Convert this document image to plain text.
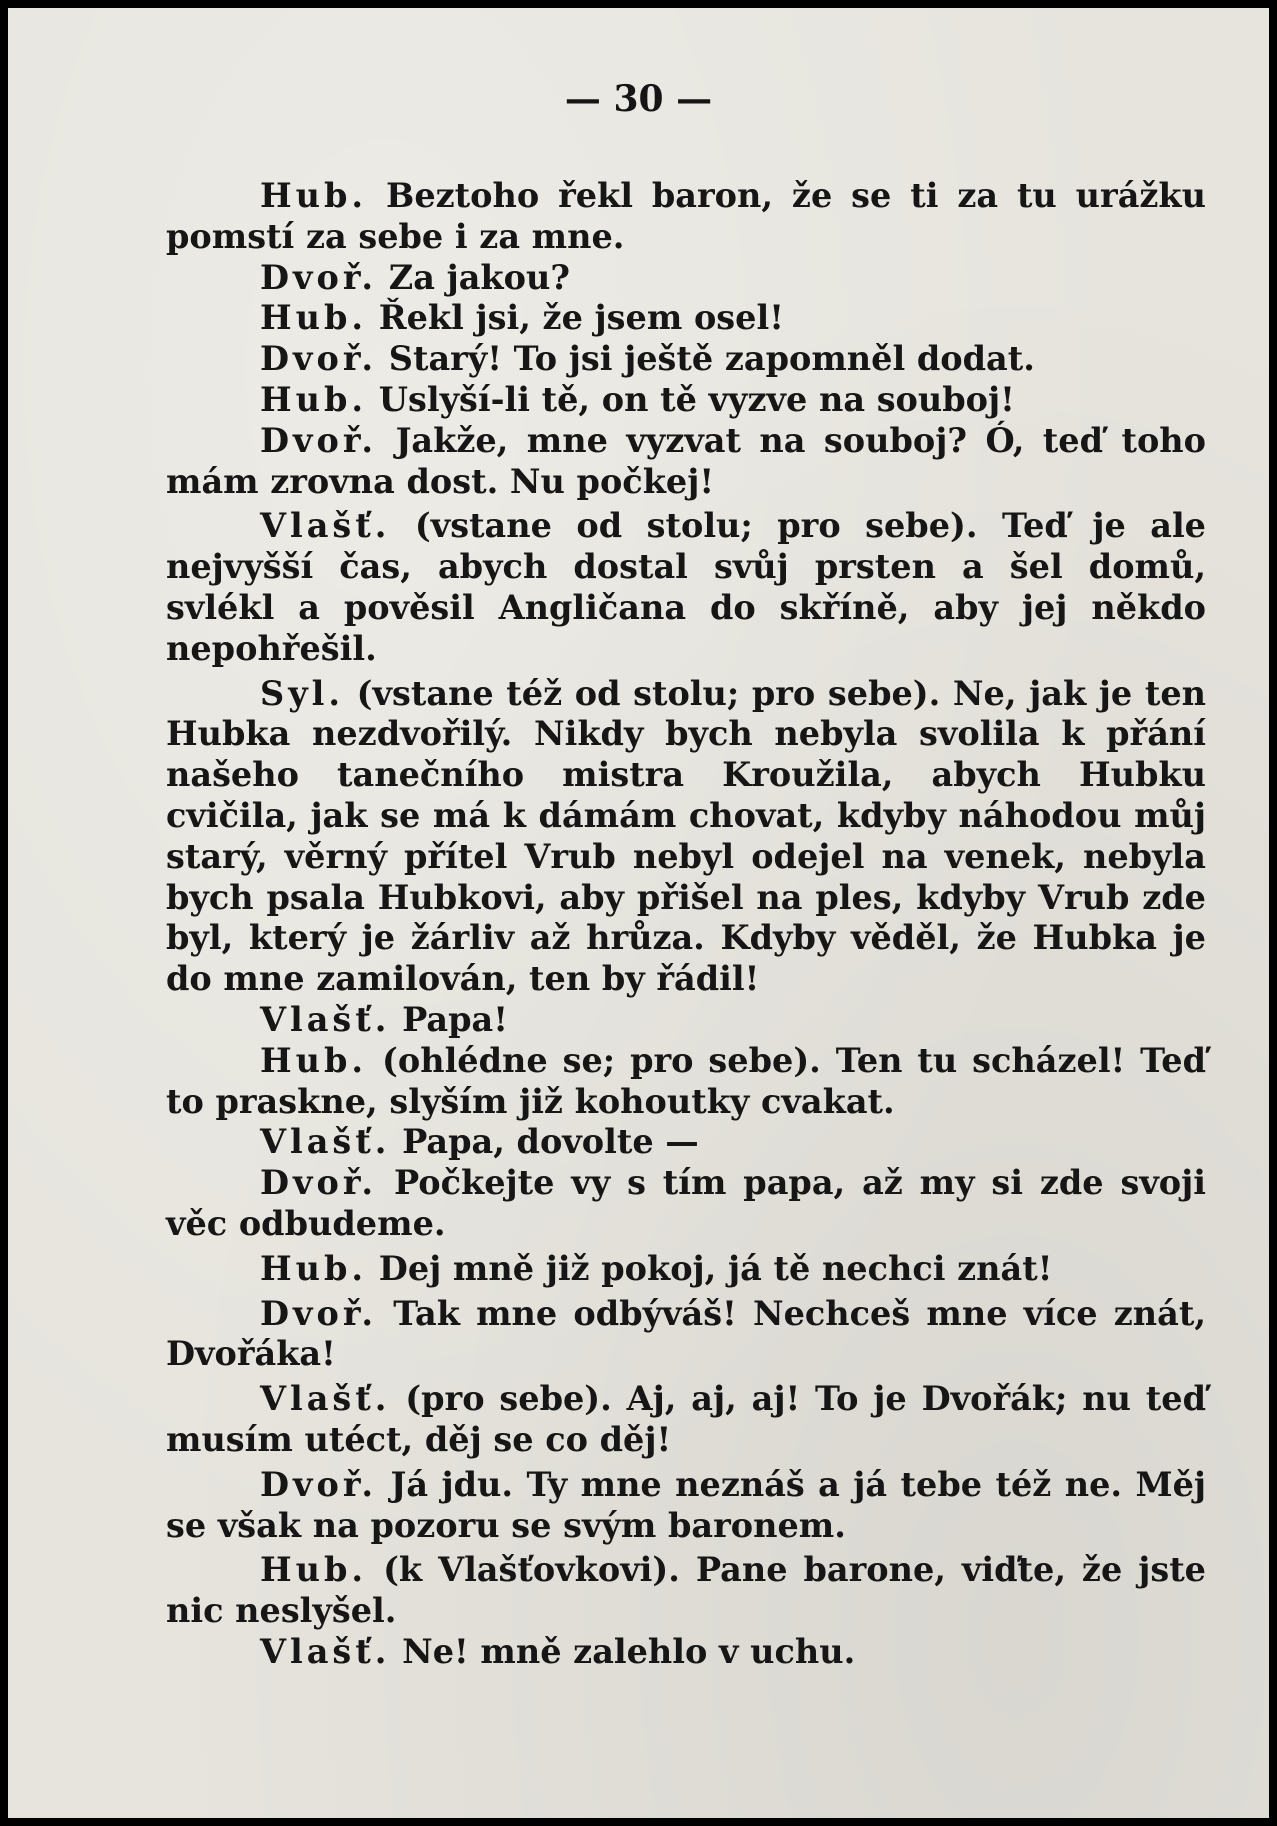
— 30 —

Hub. Beztoho řekl baron, že se ti za tu urážku pomstí za sebe i za mne.

Dvoř. Za jakou?

Hub. Řekl jsi, že jsem osel!

Dvoř. Starý! To jsi ještě zapomněl dodat.

Hub. Uslyší-li tě, on tě vyzve na souboj!

Dvoř. Jakže, mne vyzvat na souboj? Ó, teď toho mám zrovna dost. Nu počkej!

Vlašť. (vstane od stolu; pro sebe). Teď je ale nejvyšší čas, abych dostal svůj prsten a šel domů, svlékl a pověsil Angličana do skříně, aby jej někdo nepohřešil.

Syl. (vstane též od stolu; pro sebe). Ne, jak je ten Hubka nezdvořilý. Nikdy bych nebyla svolila k přání našeho tanečního mistra Kroužila, abych Hubku cvičila, jak se má k dámám chovat, kdyby náhodou můj starý, věrný přítel Vrub nebyl odejel na venek, nebyla bych psala Hubkovi, aby přišel na ples, kdyby Vrub zde byl, který je žárliv až hrůza. Kdyby věděl, že Hubka je do mne zamilován, ten by řádil!

Vlašť. Papa!

Hub. (ohlédne se; pro sebe). Ten tu scházel! Teď to praskne, slyším již kohoutky cvakat.

Vlašť. Papa, dovolte —

Dvoř. Počkejte vy s tím papa, až my si zde svoji věc odbudeme.

Hub. Dej mně již pokoj, já tě nechci znát!

Dvoř. Tak mne odbýváš! Nechceš mne více znát, Dvořáka!

Vlašť. (pro sebe). Aj, aj, aj! To je Dvořák; nu teď musím utéct, děj se co děj!

Dvoř. Já jdu. Ty mne neznáš a já tebe též ne. Měj se však na pozoru se svým baronem.

Hub. (k Vlašťovkovi). Pane barone, viďte, že jste nic neslyšel.

Vlašť. Ne! mně zalehlo v uchu.
